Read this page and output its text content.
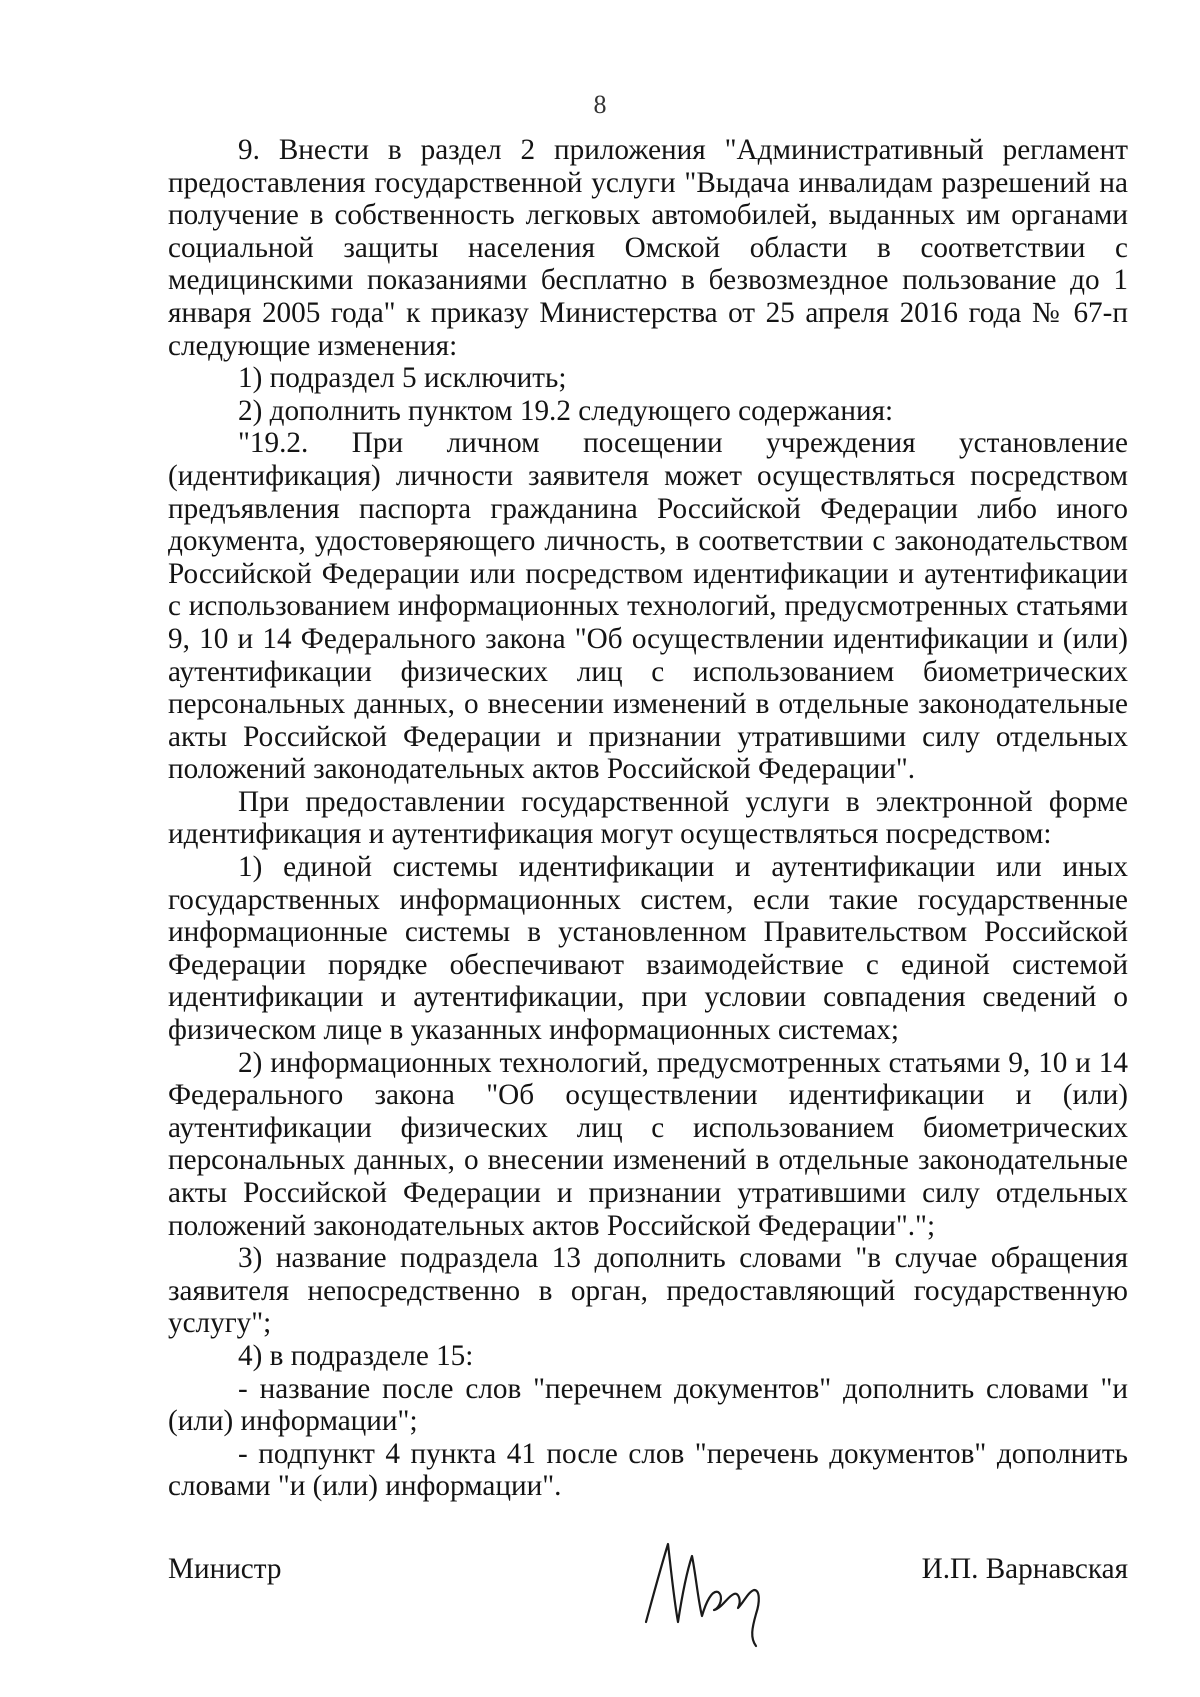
8

9. Внести в раздел 2 приложения "Административный регламент предоставления государственной услуги "Выдача инвалидам разрешений на получение в собственность легковых автомобилей, выданных им органами социальной защиты населения Омской области в соответствии с медицинскими показаниями бесплатно в безвозмездное пользование до 1 января 2005 года" к приказу Министерства от 25 апреля 2016 года № 67-п следующие изменения:

1) подраздел 5 исключить;

2) дополнить пунктом 19.2 следующего содержания:

"19.2. При личном посещении учреждения установление (идентификация) личности заявителя может осуществляться посредством предъявления паспорта гражданина Российской Федерации либо иного документа, удостоверяющего личность, в соответствии с законодательством Российской Федерации или посредством идентификации и аутентификации с использованием информационных технологий, предусмотренных статьями 9, 10 и 14 Федерального закона "Об осуществлении идентификации и (или) аутентификации физических лиц с использованием биометрических персональных данных, о внесении изменений в отдельные законодательные акты Российской Федерации и признании утратившими силу отдельных положений законодательных актов Российской Федерации".

При предоставлении государственной услуги в электронной форме идентификация и аутентификация могут осуществляться посредством:

1) единой системы идентификации и аутентификации или иных государственных информационных систем, если такие государственные информационные системы в установленном Правительством Российской Федерации порядке обеспечивают взаимодействие с единой системой идентификации и аутентификации, при условии совпадения сведений о физическом лице в указанных информационных системах;

2) информационных технологий, предусмотренных статьями 9, 10 и 14 Федерального закона "Об осуществлении идентификации и (или) аутентификации физических лиц с использованием биометрических персональных данных, о внесении изменений в отдельные законодательные акты Российской Федерации и признании утратившими силу отдельных положений законодательных актов Российской Федерации".";

3) название подраздела 13 дополнить словами "в случае обращения заявителя непосредственно в орган, предоставляющий государственную услугу";

4) в подразделе 15:

- название после слов "перечнем документов" дополнить словами "и (или) информации";

- подпункт 4 пункта 41 после слов "перечень документов" дополнить словами "и (или) информации".

Министр	И.П. Варнавская
